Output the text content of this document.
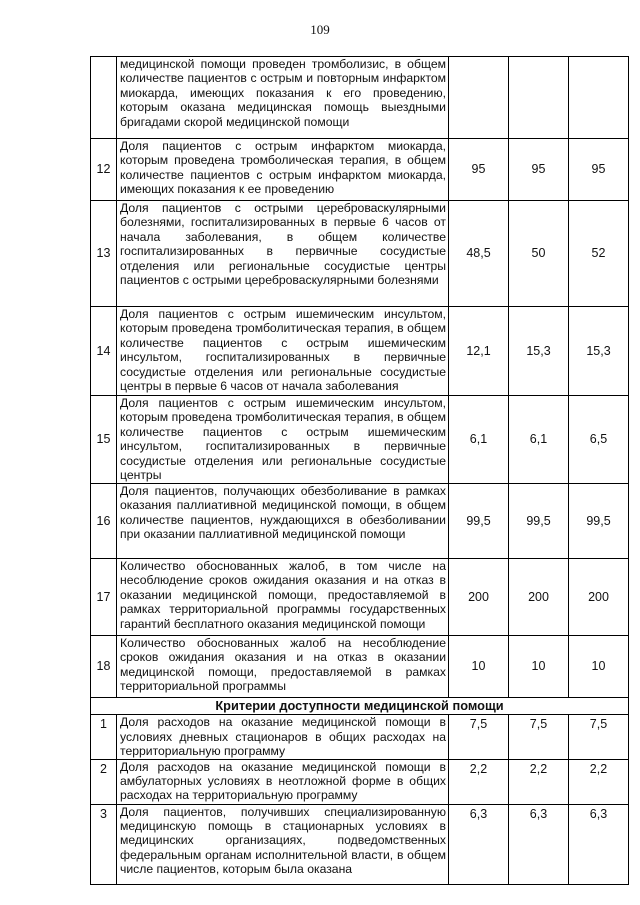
109
	медицинской помощи проведен тромболизис, в общем количестве пациентов с острым и повторным инфарктом миокарда, имеющих показания к его проведению, которым оказана медицинская помощь выездными бригадами скорой медицинской помощи			
12	Доля пациентов с острым инфарктом миокарда, которым проведена тромболическая терапия, в общем количестве пациентов с острым инфарктом миокарда, имеющих показания к ее проведению	95	95	95
13	Доля пациентов с острыми цереброваскулярными болезнями, госпитализированных в первые 6 часов от начала заболевания, в общем количестве госпитализированных в первичные сосудистые отделения или региональные сосудистые центры пациентов с острыми цереброваскулярными болезнями	48,5	50	52
14	Доля пациентов с острым ишемическим инсультом, которым проведена тромболитическая терапия, в общем количестве пациентов с острым ишемическим инсультом, госпитализированных в первичные сосудистые отделения или региональные сосудистые центры в первые 6 часов от начала заболевания	12,1	15,3	15,3
15	Доля пациентов с острым ишемическим инсультом, которым проведена тромболитическая терапия, в общем количестве пациентов с острым ишемическим инсультом, госпитализированных в первичные сосудистые отделения или региональные сосудистые центры	6,1	6,1	6,5
16	Доля пациентов, получающих обезболивание в рамках оказания паллиативной медицинской помощи, в общем количестве пациентов, нуждающихся в обезболивании при оказании паллиативной медицинской помощи	99,5	99,5	99,5
17	Количество обоснованных жалоб, в том числе на несоблюдение сроков ожидания оказания и на отказ в оказании медицинской помощи, предоставляемой в рамках территориальной программы государственных гарантий бесплатного оказания медицинской помощи	200	200	200
18	Количество обоснованных жалоб на несоблюдение сроков ожидания оказания и на отказ в оказании медицинской помощи, предоставляемой в рамках территориальной программы	10	10	10
Критерии доступности медицинской помощи				
1	Доля расходов на оказание медицинской помощи в условиях дневных стационаров в общих расходах на территориальную программу	7,5	7,5	7,5
2	Доля расходов на оказание медицинской помощи в амбулаторных условиях в неотложной форме в общих расходах на территориальную программу	2,2	2,2	2,2
3	Доля пациентов, получивших специализированную медицинскую помощь в стационарных условиях в медицинских организациях, подведомственных федеральным органам исполнительной власти, в общем числе пациентов, которым была оказана	6,3	6,3	6,3
